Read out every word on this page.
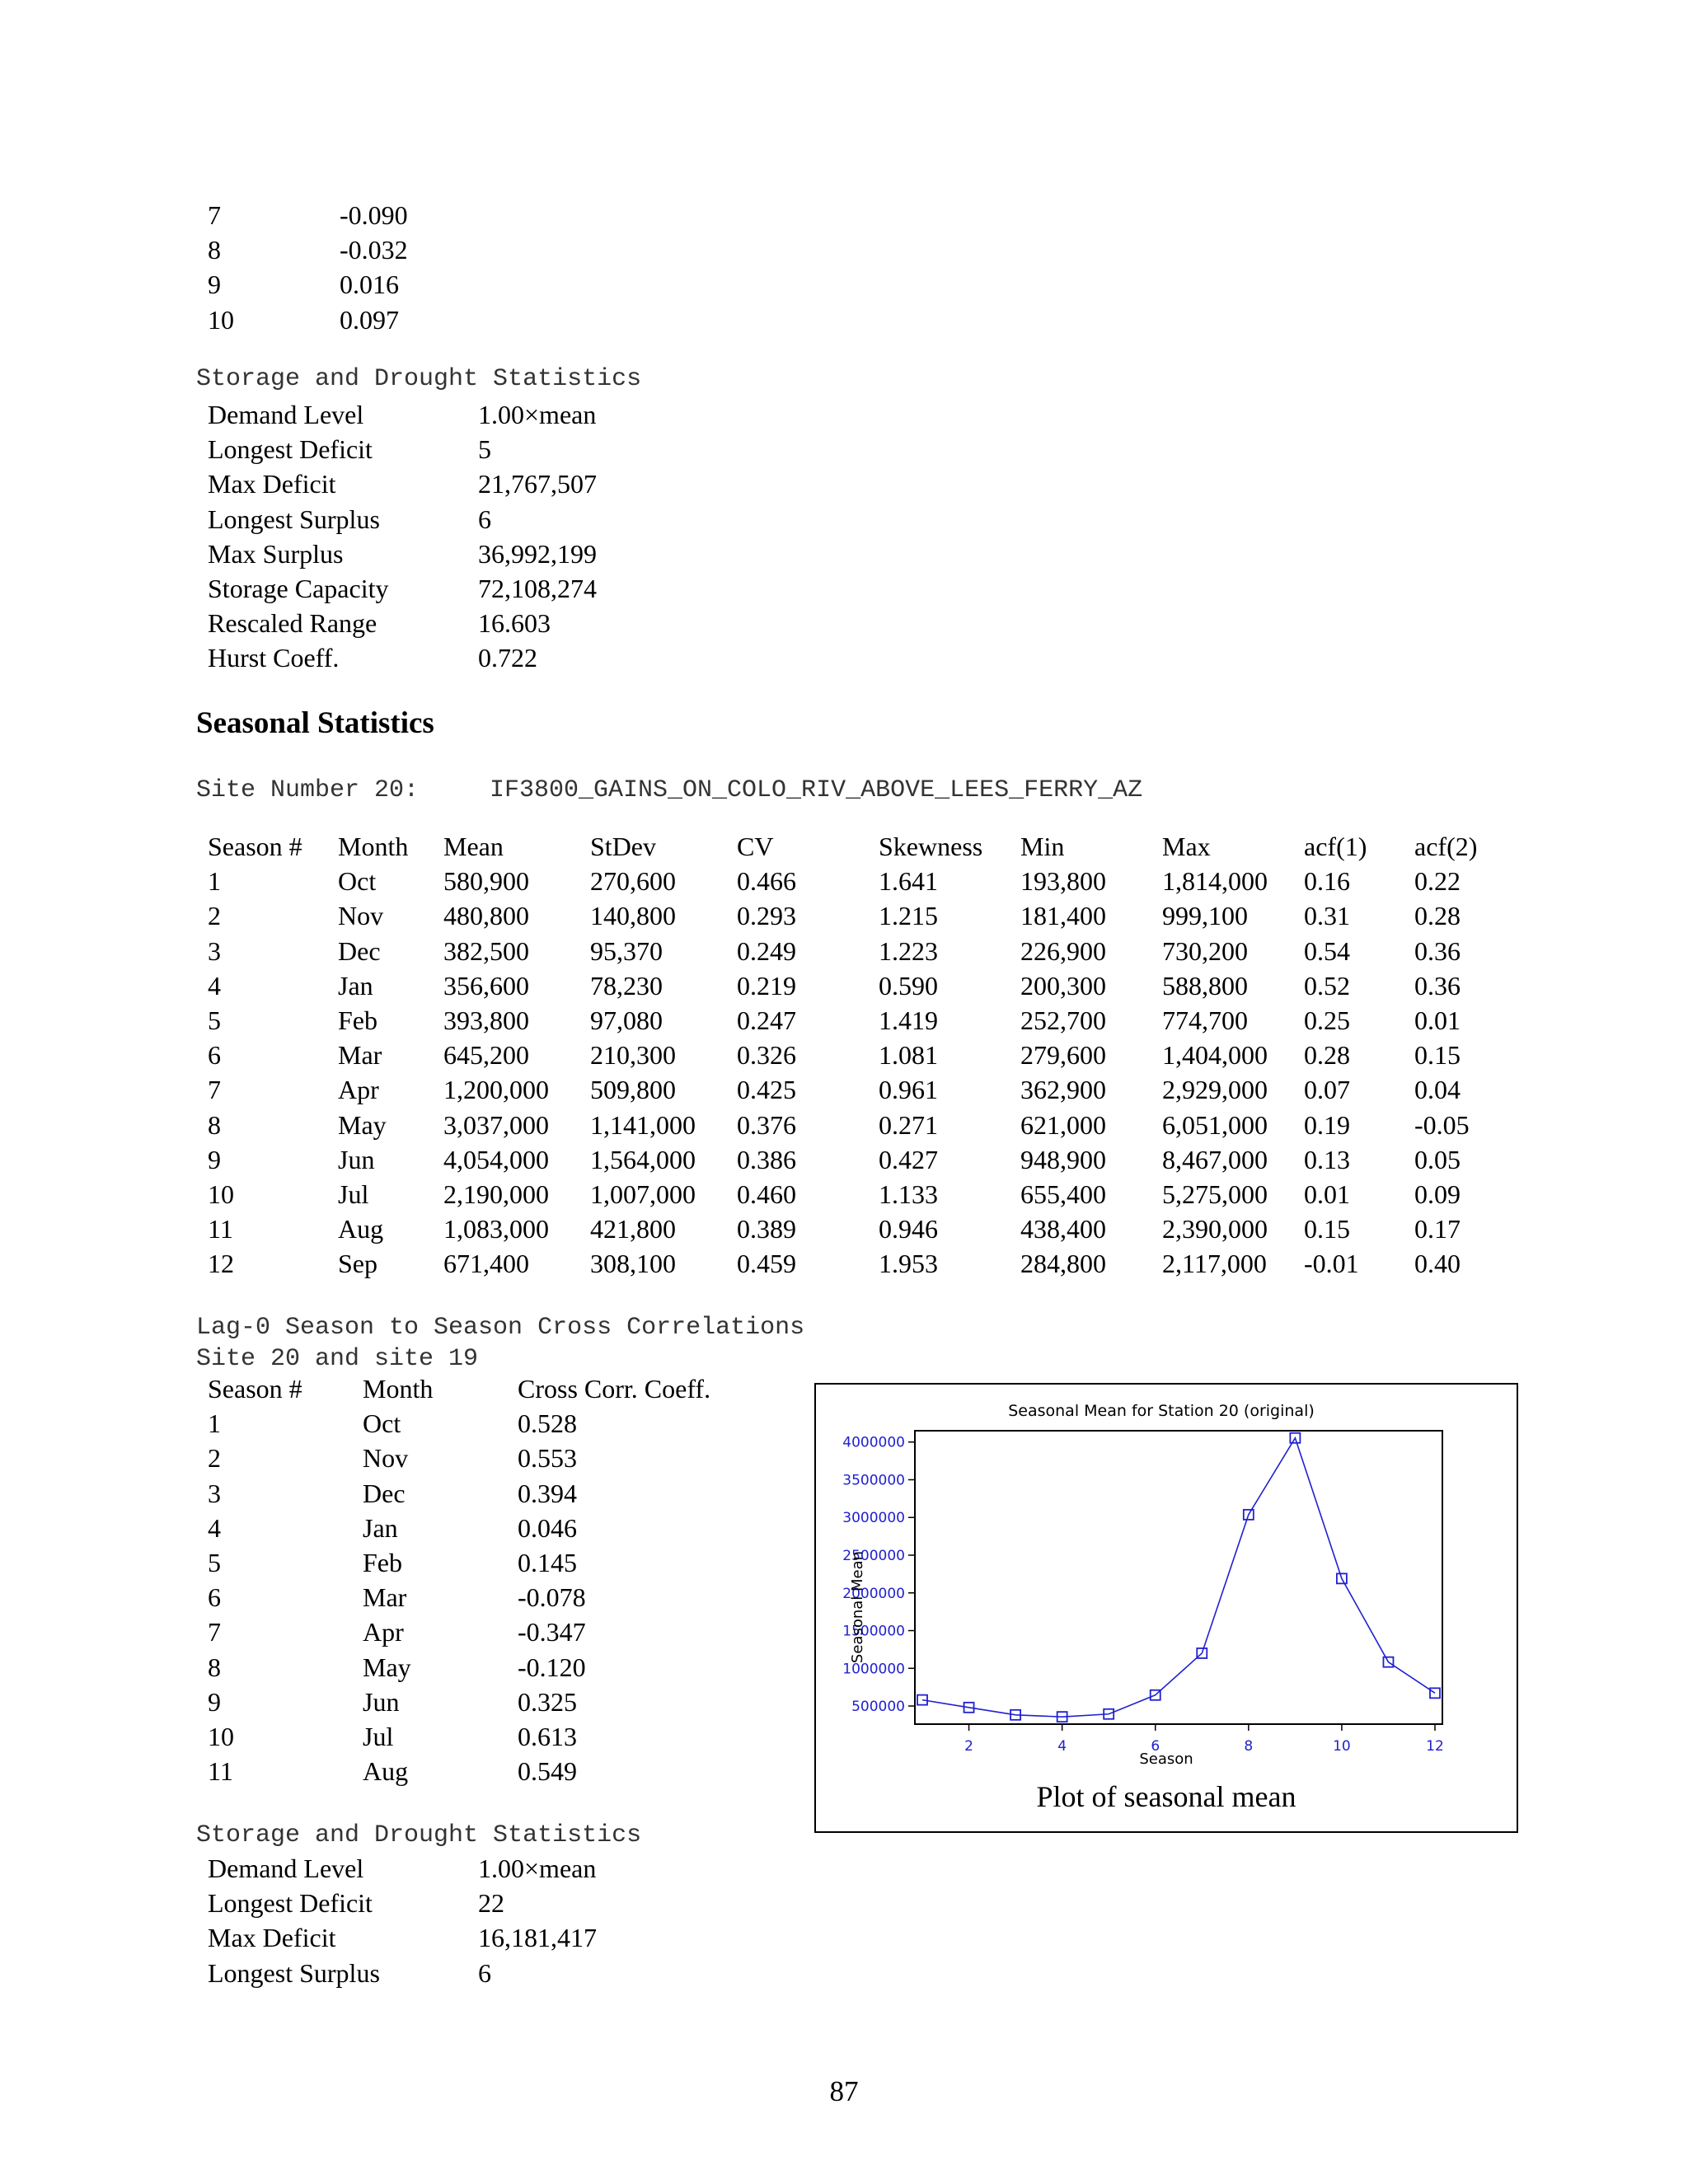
7	-0.090
8	-0.032
9	0.016
10	0.097
Storage and Drought Statistics
Demand Level	1.00×mean
Longest Deficit	5
Max Deficit	21,767,507
Longest Surplus	6
Max Surplus	36,992,199
Storage Capacity	72,108,274
Rescaled Range	16.603
Hurst Coeff.	0.722
Seasonal Statistics
Site Number 20:	IF3800_GAINS_ON_COLO_RIV_ABOVE_LEES_FERRY_AZ
Season #	Month	Mean	StDev	CV	Skewness	Min	Max	acf(1)	acf(2)
1	Oct	580,900	270,600	0.466	1.641	193,800	1,814,000	0.16	0.22
2	Nov	480,800	140,800	0.293	1.215	181,400	999,100	0.31	0.28
3	Dec	382,500	95,370	0.249	1.223	226,900	730,200	0.54	0.36
4	Jan	356,600	78,230	0.219	0.590	200,300	588,800	0.52	0.36
5	Feb	393,800	97,080	0.247	1.419	252,700	774,700	0.25	0.01
6	Mar	645,200	210,300	0.326	1.081	279,600	1,404,000	0.28	0.15
7	Apr	1,200,000	509,800	0.425	0.961	362,900	2,929,000	0.07	0.04
8	May	3,037,000	1,141,000	0.376	0.271	621,000	6,051,000	0.19	-0.05
9	Jun	4,054,000	1,564,000	0.386	0.427	948,900	8,467,000	0.13	0.05
10	Jul	2,190,000	1,007,000	0.460	1.133	655,400	5,275,000	0.01	0.09
11	Aug	1,083,000	421,800	0.389	0.946	438,400	2,390,000	0.15	0.17
12	Sep	671,400	308,100	0.459	1.953	284,800	2,117,000	-0.01	0.40
Lag-0 Season to Season Cross Correlations
Site 20 and site 19
Season #	Month	Cross Corr. Coeff.
1	Oct	0.528
2	Nov	0.553
3	Dec	0.394
4	Jan	0.046
5	Feb	0.145
6	Mar	-0.078
7	Apr	-0.347
8	May	-0.120
9	Jun	0.325
10	Jul	0.613
11	Aug	0.549
Seasonal Mean for Station 20 (original)
500000
1000000
1500000
2000000
2500000
3000000
3500000
4000000
2	4	6	8	10	12
Season
Seasonal Mean
Plot of seasonal mean
Storage and Drought Statistics
Demand Level	1.00×mean
Longest Deficit	22
Max Deficit	16,181,417
Longest Surplus	6
87
